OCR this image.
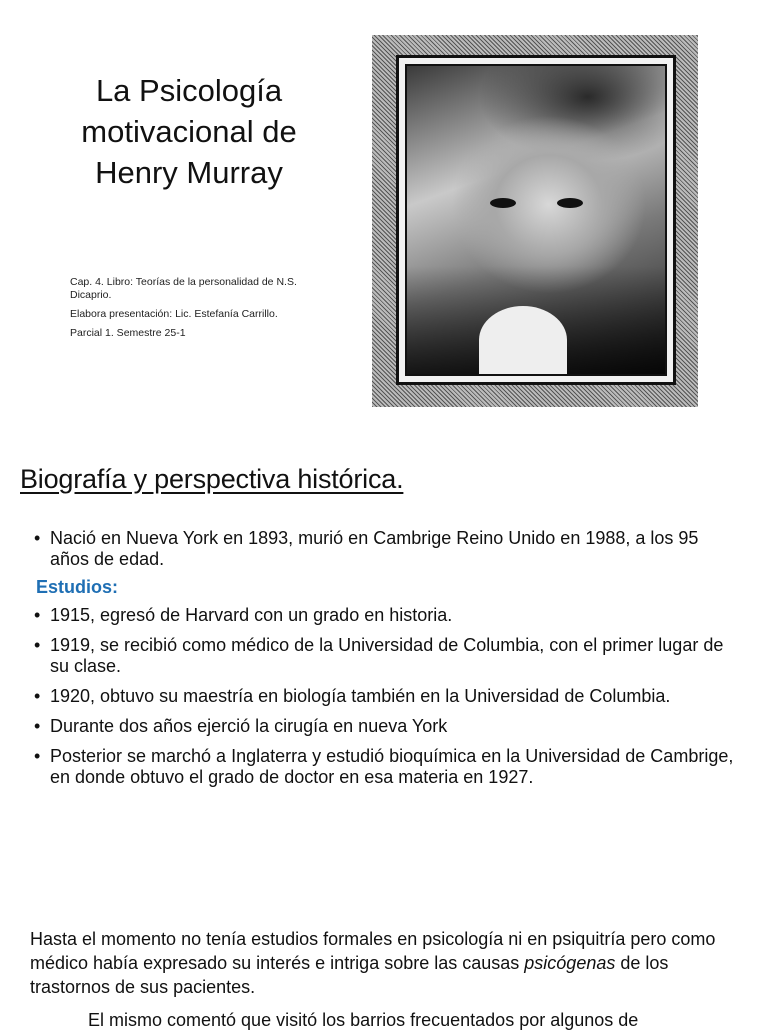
La Psicología motivacional de Henry Murray

Cap. 4. Libro: Teorías de la personalidad de N.S. Dicaprio.

Elabora presentación: Lic. Estefanía Carrillo.

Parcial 1. Semestre 25-1

Biografía y perspectiva histórica.
• Nació en Nueva York en 1893, murió en Cambrige Reino Unido en 1988, a los 95 años de edad.
Estudios:
• 1915, egresó de Harvard con un grado en historia.
• 1919, se recibió como médico de la Universidad de Columbia, con el primer lugar de su clase.
• 1920, obtuvo su maestría en biología también en la Universidad de Columbia.
• Durante dos años ejerció la cirugía en nueva York
• Posterior se marchó a Inglaterra y estudió bioquímica en la Universidad de Cambrige, en donde obtuvo el grado de doctor en esa materia en 1927.
Hasta el momento no tenía estudios formales en psicología ni en psiquitría pero como médico había expresado su interés e intriga sobre las causas psicógenas de los trastornos de sus pacientes.
El mismo comentó que visitó los barrios frecuentados por algunos de
